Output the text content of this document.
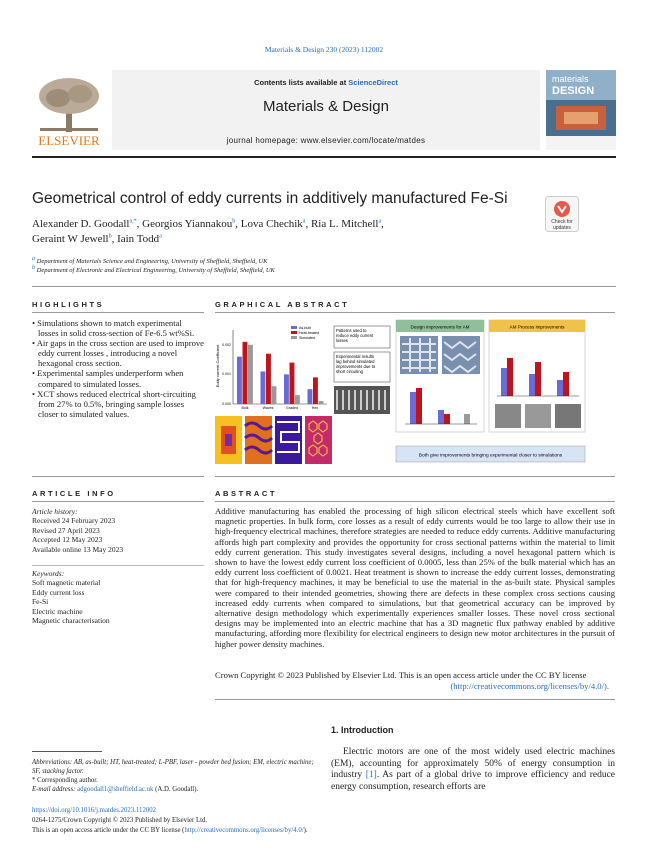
Materials & Design 230 (2023) 112002
ELSEVIER
Contents lists available at ScienceDirect
Materials & Design
journal homepage: www.elsevier.com/locate/matdes
materials
DESIGN
Geometrical control of eddy currents in additively manufactured Fe-Si
Check for
updates
Alexander D. Goodall$^{a,*}$, Georgios Yiannakou$^b$, Lova Chechik$^a$, Ria L. Mitchell$^a$,
Geraint W Jewell$^b$, Iain Todd$^a$
$^a$ Department of Materials Science and Engineering, University of Sheffield, Sheffield, UK
$^b$ Department of Electronic and Electrical Engineering, University of Sheffield, Sheffield, UK
HIGHLIGHTS	GRAPHICAL ABSTRACT
• Simulations shown to match experimental losses in solid cross-section of Fe-6.5 wt%Si.
• Air gaps in the cross section are used to improve eddy current losses , introducing a novel hexagonal cross section.
• Experimental samples underperform when compared to simulated losses.
• XCT shows reduced electrical short-circuiting from 27% to 0.5%, bringing sample losses closer to simulated values.
Eddy current Coefficient
0.000
0.001
0.002
Bulk	Waves	Graded	Hex
As-built
Heat-treated
Simulated
Patterns used to reduce eddy current losses
Experimental results lag behind simulated improvements due to short circuiting
Design improvements for AM	AM Process improvements
Both give improvements bringing experimental closer to simulations
ARTICLE INFO	ABSTRACT
Article history:
Received 24 February 2023
Revised 27 April 2023
Accepted 12 May 2023
Available online 13 May 2023
Keywords:
Soft magnetic material
Eddy current loss
Fe-Si
Electric machine
Magnetic characterisation

Additive manufacturing has enabled the processing of high silicon electrical steels which have excellent soft magnetic properties. In bulk form, core losses as a result of eddy currents would be too large to allow their use in high-frequency electrical machines, therefore strategies are needed to reduce eddy currents. Additive manufacturing affords high part complexity and provides the opportunity for cross sectional patterns within the material to limit eddy current generation. This study investigates several designs, including a novel hexagonal pattern which is shown to have the lowest eddy current loss coefficient of 0.0005, less than 25% of the bulk material which has an eddy current loss coefficient of 0.0021. Heat treatment is shown to increase the eddy current losses, demonstrating that for high-frequency machines, it may be beneficial to use the material in the as-built state. Physical samples were compared to their intended geometries, showing there are defects in these complex cross sections causing increased eddy currents when compared to simulations, but that geometrical accuracy can be improved by alternative design methodology which experimentally experiences smaller losses. These novel cross sectional designs may be implemented into an electric machine that has a 3D magnetic flux pathway enabled by additive manufacturing, affording more flexibility for electrical engineers to design new motor architectures in the pursuit of higher power density machines.

Crown Copyright © 2023 Published by Elsevier Ltd. This is an open access article under the CC BY license
(http://creativecommons.org/licenses/by/4.0/).
1. Introduction

Electric motors are one of the most widely used electric machines (EM), accounting for approximately 50% of energy consumption in industry [1]. As part of a global drive to improve efficiency and reduce energy consumption, research efforts are

Abbreviations: AB, as-built; HT, heat-treated; L-PBF, laser - powder bed fusion; EM, electric machine; SF, stacking factor.
* Corresponding author.
E-mail address: adgoodall1@sheffield.ac.uk (A.D. Goodall).
https://doi.org/10.1016/j.matdes.2023.112002
0264-1275/Crown Copyright © 2023 Published by Elsevier Ltd.
This is an open access article under the CC BY license (http://creativecommons.org/licenses/by/4.0/).
